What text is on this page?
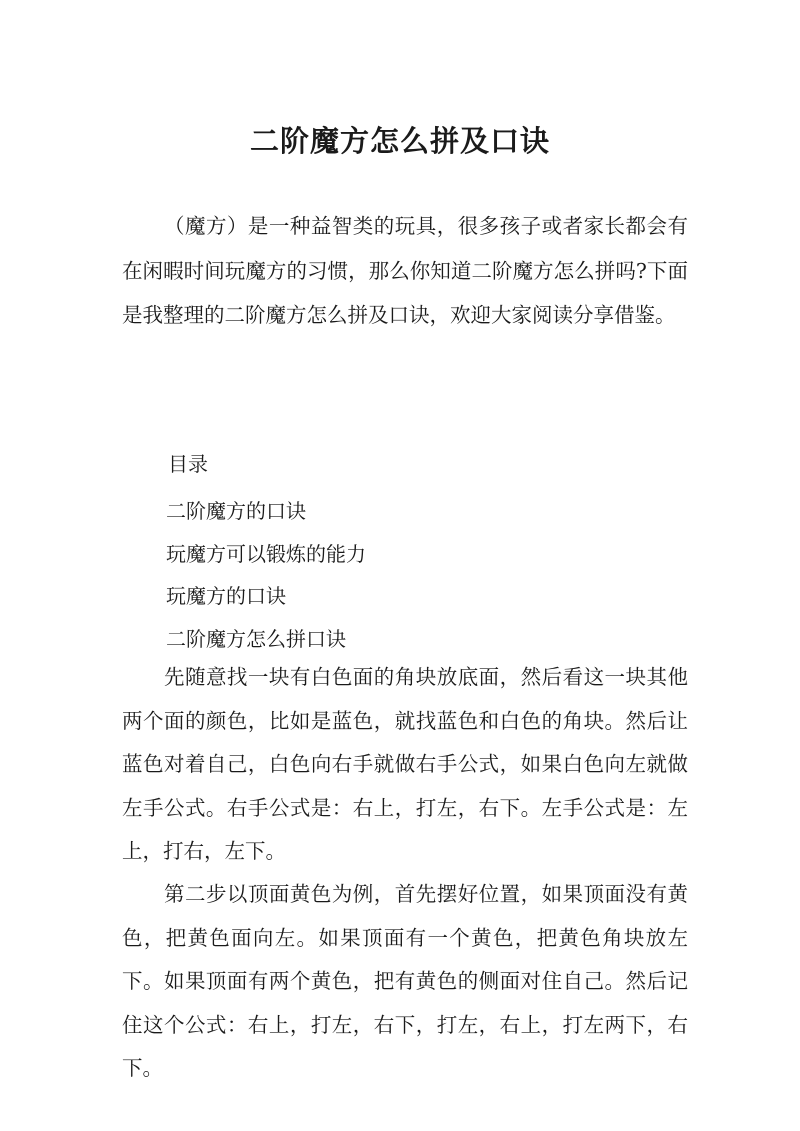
二阶魔方怎么拼及口诀

（魔方）是一种益智类的玩具，很多孩子或者家长都会有在闲暇时间玩魔方的习惯，那么你知道二阶魔方怎么拼吗?下面是我整理的二阶魔方怎么拼及口诀，欢迎大家阅读分享借鉴。

目录

二阶魔方的口诀
玩魔方可以锻炼的能力
玩魔方的口诀
二阶魔方怎么拼口诀

先随意找一块有白色面的角块放底面，然后看这一块其他两个面的颜色，比如是蓝色，就找蓝色和白色的角块。然后让蓝色对着自己，白色向右手就做右手公式，如果白色向左就做左手公式。右手公式是：右上，打左，右下。左手公式是：左上，打右，左下。

第二步以顶面黄色为例，首先摆好位置，如果顶面没有黄色，把黄色面向左。如果顶面有一个黄色，把黄色角块放左下。如果顶面有两个黄色，把有黄色的侧面对住自己。然后记住这个公式：右上，打左，右下，打左，右上，打左两下，右下。
